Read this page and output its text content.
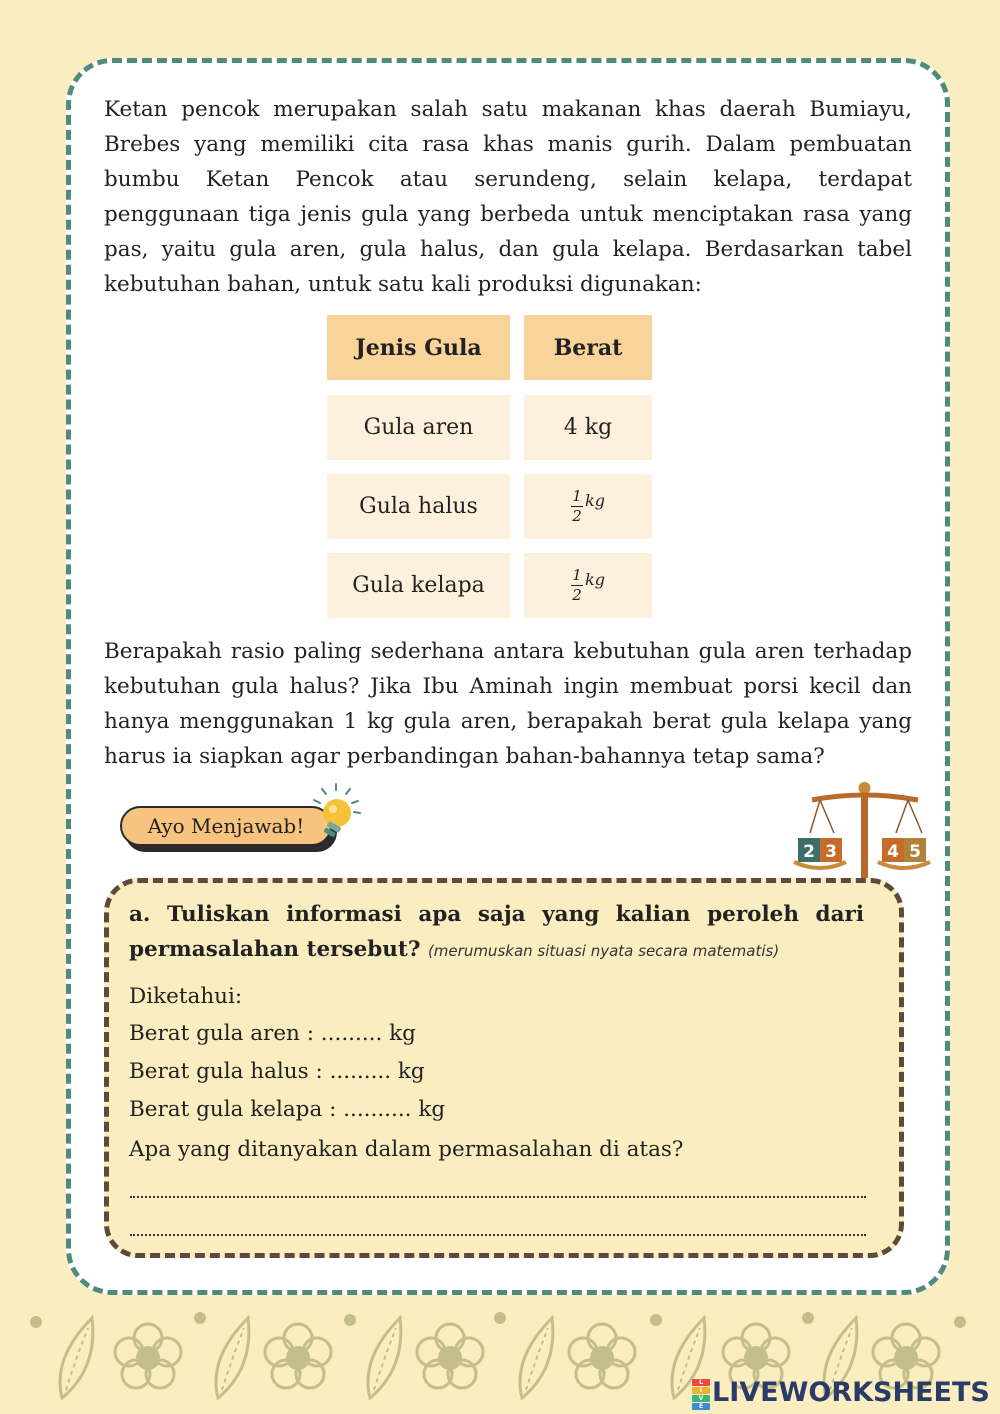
Ketan pencok merupakan salah satu makanan khas daerah Bumiayu, Brebes yang memiliki cita rasa khas manis gurih. Dalam pembuatan bumbu Ketan Pencok atau serundeng, selain kelapa, terdapat penggunaan tiga jenis gula yang berbeda untuk menciptakan rasa yang pas, yaitu gula aren, gula halus, dan gula kelapa. Berdasarkan tabel kebutuhan bahan, untuk satu kali produksi digunakan:

Jenis Gula	Berat
Gula aren	4 kg
Gula halus	$\frac{1}{2}$ kg
Gula kelapa	$\frac{1}{2}$ kg

Berapakah rasio paling sederhana antara kebutuhan gula aren terhadap kebutuhan gula halus? Jika Ibu Aminah ingin membuat porsi kecil dan hanya menggunakan 1 kg gula aren, berapakah berat gula kelapa yang harus ia siapkan agar perbandingan bahan-bahannya tetap sama?

Ayo Menjawab!
2 3	4 5

a. Tuliskan informasi apa saja yang kalian peroleh dari permasalahan tersebut? (merumuskan situasi nyata secara matematis)

Diketahui:
Berat gula aren : ......... kg
Berat gula halus : ......... kg
Berat gula kelapa : .......... kg
Apa yang ditanyakan dalam permasalahan di atas?
L
I
V
E LIVEWORKSHEETS
